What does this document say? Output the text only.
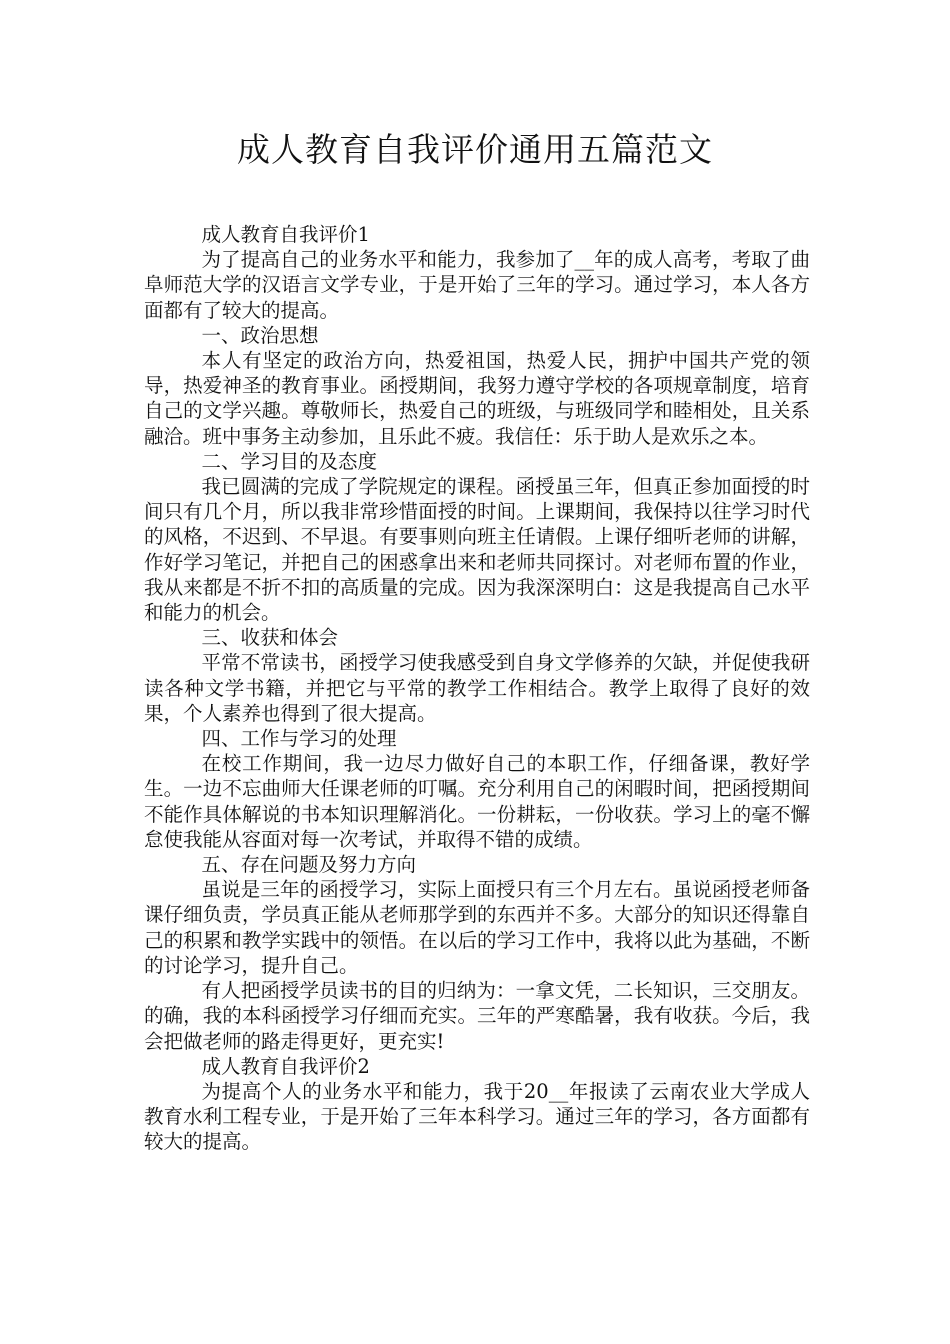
成人教育自我评价通用五篇范文

成人教育自我评价1

为了提高自己的业务水平和能力，我参加了__年的成人高考，考取了曲阜师范大学的汉语言文学专业，于是开始了三年的学习。通过学习，本人各方面都有了较大的提高。

一、政治思想

本人有坚定的政治方向，热爱祖国，热爱人民，拥护中国共产党的领导，热爱神圣的教育事业。函授期间，我努力遵守学校的各项规章制度，培育自己的文学兴趣。尊敬师长，热爱自己的班级，与班级同学和睦相处，且关系融洽。班中事务主动参加，且乐此不疲。我信任：乐于助人是欢乐之本。

二、学习目的及态度

我已圆满的完成了学院规定的课程。函授虽三年，但真正参加面授的时间只有几个月，所以我非常珍惜面授的时间。上课期间，我保持以往学习时代的风格，不迟到、不早退。有要事则向班主任请假。上课仔细听老师的讲解，作好学习笔记，并把自己的困惑拿出来和老师共同探讨。对老师布置的作业，我从来都是不折不扣的高质量的完成。因为我深深明白：这是我提高自己水平和能力的机会。

三、收获和体会

平常不常读书，函授学习使我感受到自身文学修养的欠缺，并促使我研读各种文学书籍，并把它与平常的教学工作相结合。教学上取得了良好的效果，个人素养也得到了很大提高。

四、工作与学习的处理

在校工作期间，我一边尽力做好自己的本职工作，仔细备课，教好学生。一边不忘曲师大任课老师的叮嘱。充分利用自己的闲暇时间，把函授期间不能作具体解说的书本知识理解消化。一份耕耘，一份收获。学习上的毫不懈怠使我能从容面对每一次考试，并取得不错的成绩。

五、存在问题及努力方向

虽说是三年的函授学习，实际上面授只有三个月左右。虽说函授老师备课仔细负责，学员真正能从老师那学到的东西并不多。大部分的知识还得靠自己的积累和教学实践中的领悟。在以后的学习工作中，我将以此为基础，不断的讨论学习，提升自己。

有人把函授学员读书的目的归纳为：一拿文凭，二长知识，三交朋友。的确，我的本科函授学习仔细而充实。三年的严寒酷暑，我有收获。今后，我会把做老师的路走得更好，更充实!

成人教育自我评价2

为提高个人的业务水平和能力，我于20__年报读了云南农业大学成人教育水利工程专业，于是开始了三年本科学习。通过三年的学习，各方面都有较大的提高。
